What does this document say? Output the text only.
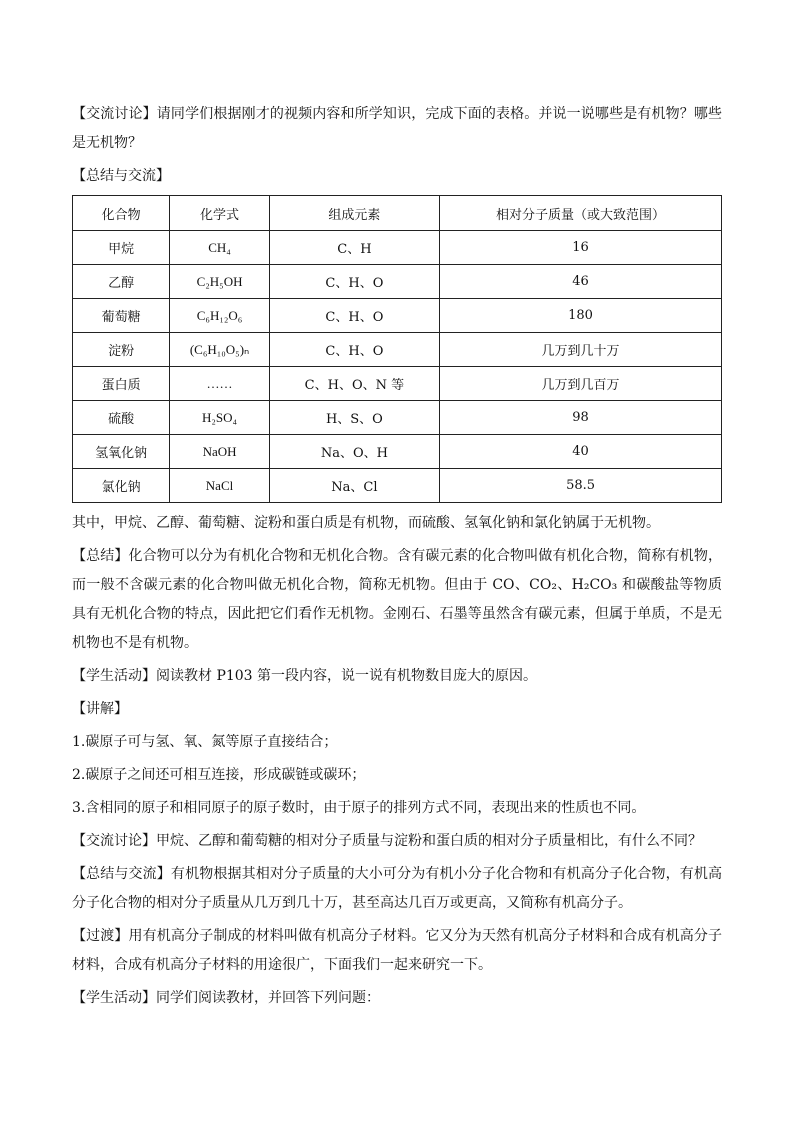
【交流讨论】请同学们根据刚才的视频内容和所学知识，完成下面的表格。并说一说哪些是有机物？哪些是无机物？

【总结与交流】

化合物	化学式	组成元素	相对分子质量（或大致范围）
甲烷	CH₄	C、H	16
乙醇	C₂H₅OH	C、H、O	46
葡萄糖	C₆H₁₂O₆	C、H、O	180
淀粉	(C₆H₁₀O₅)ₙ	C、H、O	几万到几十万
蛋白质	……	C、H、O、N 等	几万到几百万
硫酸	H₂SO₄	H、S、O	98
氢氧化钠	NaOH	Na、O、H	40
氯化钠	NaCl	Na、Cl	58.5

其中，甲烷、乙醇、葡萄糖、淀粉和蛋白质是有机物，而硫酸、氢氧化钠和氯化钠属于无机物。

【总结】化合物可以分为有机化合物和无机化合物。含有碳元素的化合物叫做有机化合物，简称有机物，而一般不含碳元素的化合物叫做无机化合物，简称无机物。但由于 CO、CO₂、H₂CO₃ 和碳酸盐等物质具有无机化合物的特点，因此把它们看作无机物。金刚石、石墨等虽然含有碳元素，但属于单质，不是无机物也不是有机物。

【学生活动】阅读教材 P103 第一段内容，说一说有机物数目庞大的原因。

【讲解】

1.碳原子可与氢、氧、氮等原子直接结合；

2.碳原子之间还可相互连接，形成碳链或碳环；

3.含相同的原子和相同原子的原子数时，由于原子的排列方式不同，表现出来的性质也不同。

【交流讨论】甲烷、乙醇和葡萄糖的相对分子质量与淀粉和蛋白质的相对分子质量相比，有什么不同？

【总结与交流】有机物根据其相对分子质量的大小可分为有机小分子化合物和有机高分子化合物，有机高分子化合物的相对分子质量从几万到几十万，甚至高达几百万或更高，又简称有机高分子。

【过渡】用有机高分子制成的材料叫做有机高分子材料。它又分为天然有机高分子材料和合成有机高分子材料，合成有机高分子材料的用途很广，下面我们一起来研究一下。

【学生活动】同学们阅读教材，并回答下列问题：
